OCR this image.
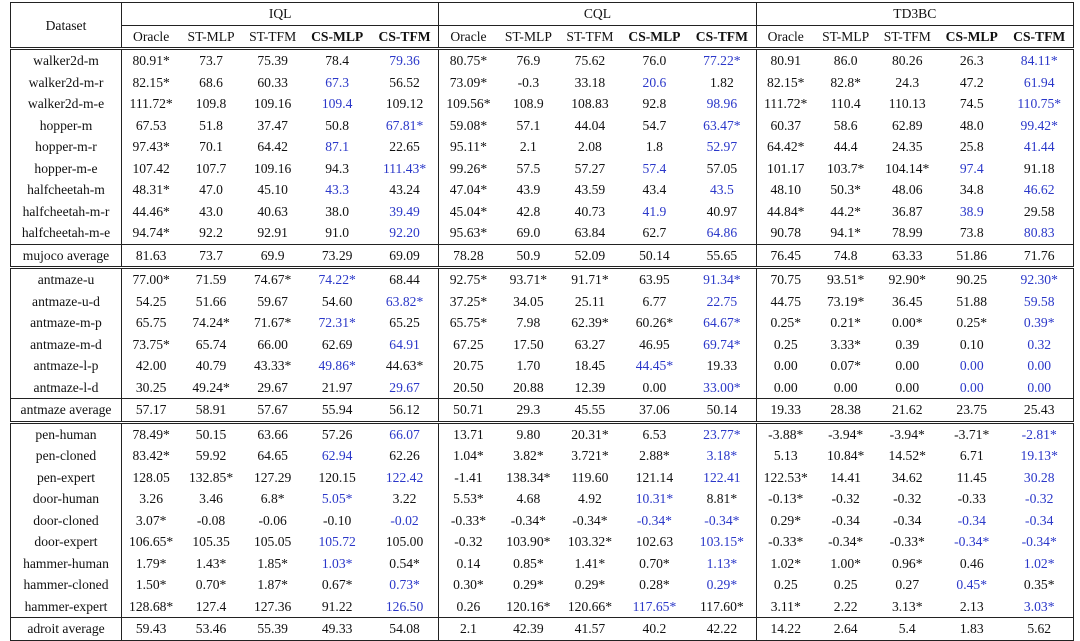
Dataset	IQL					CQL					TD3BC				
	Oracle	ST-MLP	ST-TFM	CS-MLP	CS-TFM	Oracle	ST-MLP	ST-TFM	CS-MLP	CS-TFM	Oracle	ST-MLP	ST-TFM	CS-MLP	CS-TFM
walker2d-m	80.91*	73.7	75.39	78.4	79.36	80.75*	76.9	75.62	76.0	77.22*	80.91	86.0	80.26	26.3	84.11*
walker2d-m-r	82.15*	68.6	60.33	67.3	56.52	73.09*	-0.3	33.18	20.6	1.82	82.15*	82.8*	24.3	47.2	61.94
walker2d-m-e	111.72*	109.8	109.16	109.4	109.12	109.56*	108.9	108.83	92.8	98.96	111.72*	110.4	110.13	74.5	110.75*
hopper-m	67.53	51.8	37.47	50.8	67.81*	59.08*	57.1	44.04	54.7	63.47*	60.37	58.6	62.89	48.0	99.42*
hopper-m-r	97.43*	70.1	64.42	87.1	22.65	95.11*	2.1	2.08	1.8	52.97	64.42*	44.4	24.35	25.8	41.44
hopper-m-e	107.42	107.7	109.16	94.3	111.43*	99.26*	57.5	57.27	57.4	57.05	101.17	103.7*	104.14*	97.4	91.18
halfcheetah-m	48.31*	47.0	45.10	43.3	43.24	47.04*	43.9	43.59	43.4	43.5	48.10	50.3*	48.06	34.8	46.62
halfcheetah-m-r	44.46*	43.0	40.63	38.0	39.49	45.04*	42.8	40.73	41.9	40.97	44.84*	44.2*	36.87	38.9	29.58
halfcheetah-m-e	94.74*	92.2	92.91	91.0	92.20	95.63*	69.0	63.84	62.7	64.86	90.78	94.1*	78.99	73.8	80.83
mujoco average	81.63	73.7	69.9	73.29	69.09	78.28	50.9	52.09	50.14	55.65	76.45	74.8	63.33	51.86	71.76
antmaze-u	77.00*	71.59	74.67*	74.22*	68.44	92.75*	93.71*	91.71*	63.95	91.34*	70.75	93.51*	92.90*	90.25	92.30*
antmaze-u-d	54.25	51.66	59.67	54.60	63.82*	37.25*	34.05	25.11	6.77	22.75	44.75	73.19*	36.45	51.88	59.58
antmaze-m-p	65.75	74.24*	71.67*	72.31*	65.25	65.75*	7.98	62.39*	60.26*	64.67*	0.25*	0.21*	0.00*	0.25*	0.39*
antmaze-m-d	73.75*	65.74	66.00	62.69	64.91	67.25	17.50	63.27	46.95	69.74*	0.25	3.33*	0.39	0.10	0.32
antmaze-l-p	42.00	40.79	43.33*	49.86*	44.63*	20.75	1.70	18.45	44.45*	19.33	0.00	0.07*	0.00	0.00	0.00
antmaze-l-d	30.25	49.24*	29.67	21.97	29.67	20.50	20.88	12.39	0.00	33.00*	0.00	0.00	0.00	0.00	0.00
antmaze average	57.17	58.91	57.67	55.94	56.12	50.71	29.3	45.55	37.06	50.14	19.33	28.38	21.62	23.75	25.43
pen-human	78.49*	50.15	63.66	57.26	66.07	13.71	9.80	20.31*	6.53	23.77*	-3.88*	-3.94*	-3.94*	-3.71*	-2.81*
pen-cloned	83.42*	59.92	64.65	62.94	62.26	1.04*	3.82*	3.721*	2.88*	3.18*	5.13	10.84*	14.52*	6.71	19.13*
pen-expert	128.05	132.85*	127.29	120.15	122.42	-1.41	138.34*	119.60	121.14	122.41	122.53*	14.41	34.62	11.45	30.28
door-human	3.26	3.46	6.8*	5.05*	3.22	5.53*	4.68	4.92	10.31*	8.81*	-0.13*	-0.32	-0.32	-0.33	-0.32
door-cloned	3.07*	-0.08	-0.06	-0.10	-0.02	-0.33*	-0.34*	-0.34*	-0.34*	-0.34*	0.29*	-0.34	-0.34	-0.34	-0.34
door-expert	106.65*	105.35	105.05	105.72	105.00	-0.32	103.90*	103.32*	102.63	103.15*	-0.33*	-0.34*	-0.33*	-0.34*	-0.34*
hammer-human	1.79*	1.43*	1.85*	1.03*	0.54*	0.14	0.85*	1.41*	0.70*	1.13*	1.02*	1.00*	0.96*	0.46	1.02*
hammer-cloned	1.50*	0.70*	1.87*	0.67*	0.73*	0.30*	0.29*	0.29*	0.28*	0.29*	0.25	0.25	0.27	0.45*	0.35*
hammer-expert	128.68*	127.4	127.36	91.22	126.50	0.26	120.16*	120.66*	117.65*	117.60*	3.11*	2.22	3.13*	2.13	3.03*
adroit average	59.43	53.46	55.39	49.33	54.08	2.1	42.39	41.57	40.2	42.22	14.22	2.64	5.4	1.83	5.62
